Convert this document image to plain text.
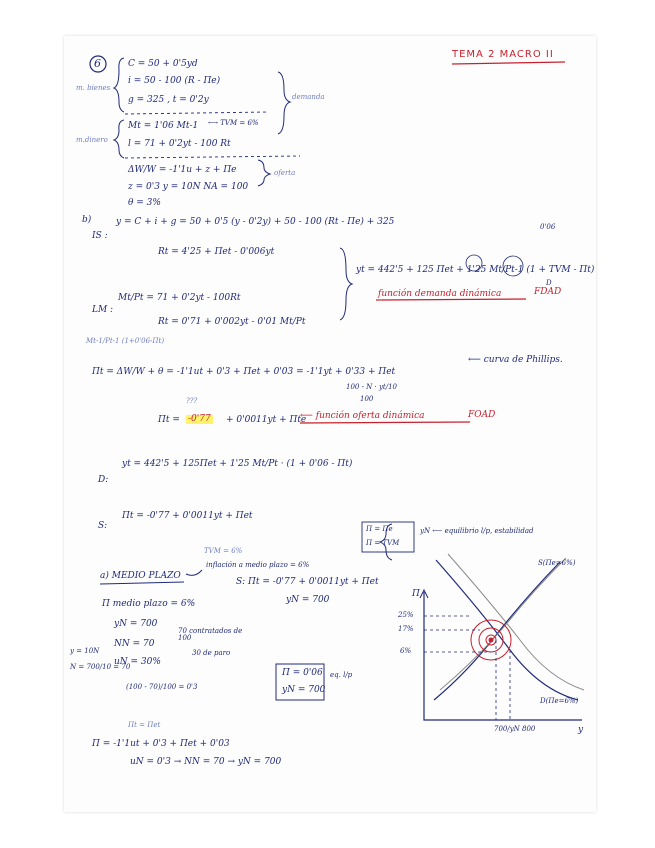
TEMA 2 MACRO II
6
m. bienes
C = 50 + 0'5yd
i = 50 - 100 (R - Πe)
g = 325 , t = 0'2y	demanda
m.dinero
Mt = 1'06 Mt-1 ⟷ TVM = 6%
l = 71 + 0'2yt - 100 Rt
ΔW/W = -1'1u + z + Πe	oferta
z = 0'3 y = 10N NA = 100
θ = 3%
b)
IS :
y = C + i + g = 50 + 0'5 (y - 0'2y) + 50 - 100 (Rt - Πe) + 325
Rt = 4'25 + Πet - 0'006yt
0'06
yt = 442'5 + 125 Πet + 1'25 Mt/Pt-1 (1 + TVM - Πt)
D
función demanda dinámica	FDAD
LM :
Mt/Pt = 71 + 0'2yt - 100Rt
Rt = 0'71 + 0'002yt - 0'01 Mt/Pt
Mt-1/Pt-1 (1+0'06-Πt)
Πt = ΔW/W + θ = -1'1ut + 0'3 + Πet + 0'03 = -1'1yt + 0'33 + Πet
⟵ curva de Phillips.
100 - N · yt/10
100
???
Πt = -0'77 + 0'0011yt + Πte
⟵ función oferta dinámica	FOAD
D:
yt = 442'5 + 125Πet + 1'25 Mt/Pt · (1 + 0'06 - Πt)
S:
Πt = -0'77 + 0'0011yt + Πet
TVM = 6%
a) MEDIO PLAZO
inflación a medio plazo = 6%
S: Πt = -0'77 + 0'0011yt + Πet
yN = 700
Π medio plazo = 6%
yN = 700
NN = 70
uN = 30%
70 contratados de 100
30 de paro
y = 10N
N = 700/10 = 70
(100 - 70)/100 = 0'3
Π = 0'06
yN = 700
eq. l/p
Πt = Πet
Π = -1'1ut + 0'3 + Πet + 0'03
uN = 0'3 → NN = 70 → yN = 700
Π = Πe
Π = TVM
yN ⟵ equilibrio l/p, estabilidad
S(Πe=6%)
D(Πe=6%)
Π
y
25%
17%
6%
700/yN 800
